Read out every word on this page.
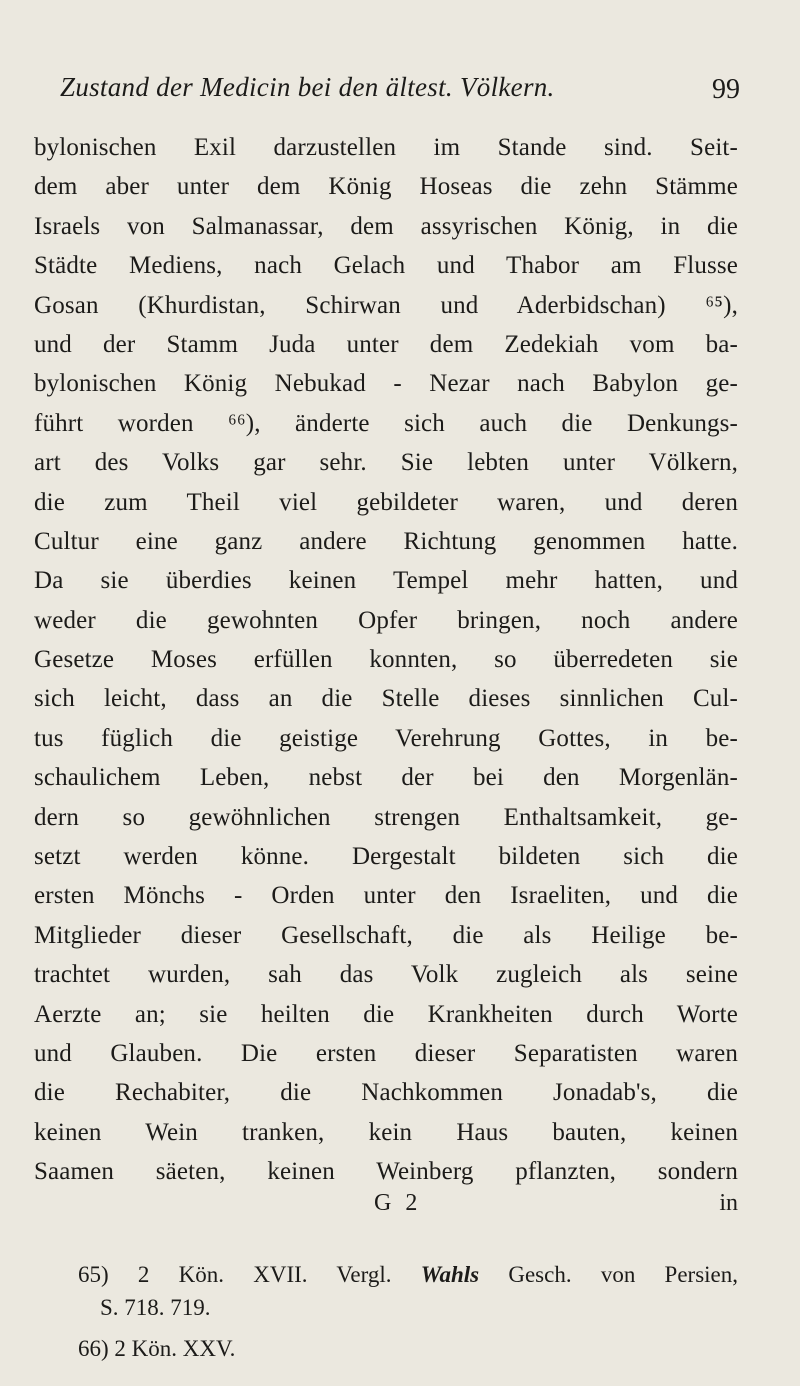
Zustand der Medicin bei den ältest. Völkern.	99
bylonischen Exil darzustellen im Stande sind. Seit-
dem aber unter dem König Hoseas die zehn Stämme
Israels von Salmanassar, dem assyrischen König, in die
Städte Mediens, nach Gelach und Thabor am Flusse
Gosan (Khurdistan, Schirwan und Aderbidschan) ⁶⁵),
und der Stamm Juda unter dem Zedekiah vom ba-
bylonischen König Nebukad - Nezar nach Babylon ge-
führt worden ⁶⁶), änderte sich auch die Denkungs-
art des Volks gar sehr. Sie lebten unter Völkern,
die zum Theil viel gebildeter waren, und deren
Cultur eine ganz andere Richtung genommen hatte.
Da sie überdies keinen Tempel mehr hatten, und
weder die gewohnten Opfer bringen, noch andere
Gesetze Moses erfüllen konnten, so überredeten sie
sich leicht, dass an die Stelle dieses sinnlichen Cul-
tus füglich die geistige Verehrung Gottes, in be-
schaulichem Leben, nebst der bei den Morgenlän-
dern so gewöhnlichen strengen Enthaltsamkeit, ge-
setzt werden könne. Dergestalt bildeten sich die
ersten Mönchs - Orden unter den Israeliten, und die
Mitglieder dieser Gesellschaft, die als Heilige be-
trachtet wurden, sah das Volk zugleich als seine
Aerzte an; sie heilten die Krankheiten durch Worte
und Glauben. Die ersten dieser Separatisten waren
die Rechabiter, die Nachkommen Jonadab's, die
keinen Wein tranken, kein Haus bauten, keinen
Saamen säeten, keinen Weinberg pflanzten, sondern
G 2	in
65) 2 Kön. XVII. Vergl. Wahls Gesch. von Persien,
S. 718. 719.
66) 2 Kön. XXV.
